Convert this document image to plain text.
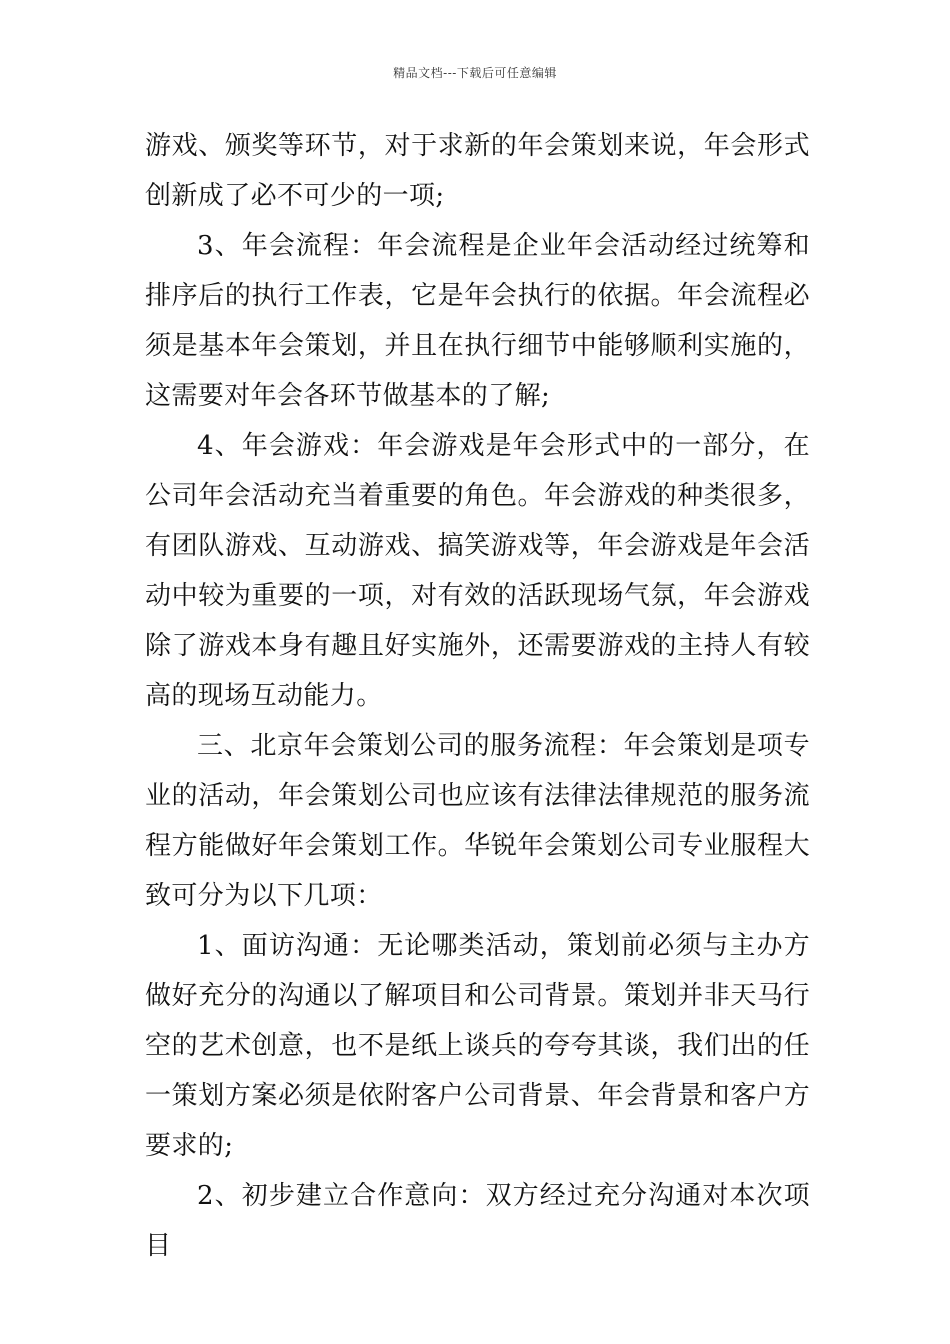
精品文档---下载后可任意编辑

游戏、颁奖等环节，对于求新的年会策划来说，年会形式创新成了必不可少的一项;

3、年会流程：年会流程是企业年会活动经过统筹和排序后的执行工作表，它是年会执行的依据。年会流程必须是基本年会策划，并且在执行细节中能够顺利实施的，这需要对年会各环节做基本的了解;

4、年会游戏：年会游戏是年会形式中的一部分，在公司年会活动充当着重要的角色。年会游戏的种类很多，有团队游戏、互动游戏、搞笑游戏等，年会游戏是年会活动中较为重要的一项，对有效的活跃现场气氛，年会游戏除了游戏本身有趣且好实施外，还需要游戏的主持人有较高的现场互动能力。

三、北京年会策划公司的服务流程：年会策划是项专业的活动，年会策划公司也应该有法律法律规范的服务流程方能做好年会策划工作。华锐年会策划公司专业服程大致可分为以下几项：

1、面访沟通：无论哪类活动，策划前必须与主办方做好充分的沟通以了解项目和公司背景。策划并非天马行空的艺术创意，也不是纸上谈兵的夸夸其谈，我们出的任一策划方案必须是依附客户公司背景、年会背景和客户方要求的;

2、初步建立合作意向：双方经过充分沟通对本次项目
